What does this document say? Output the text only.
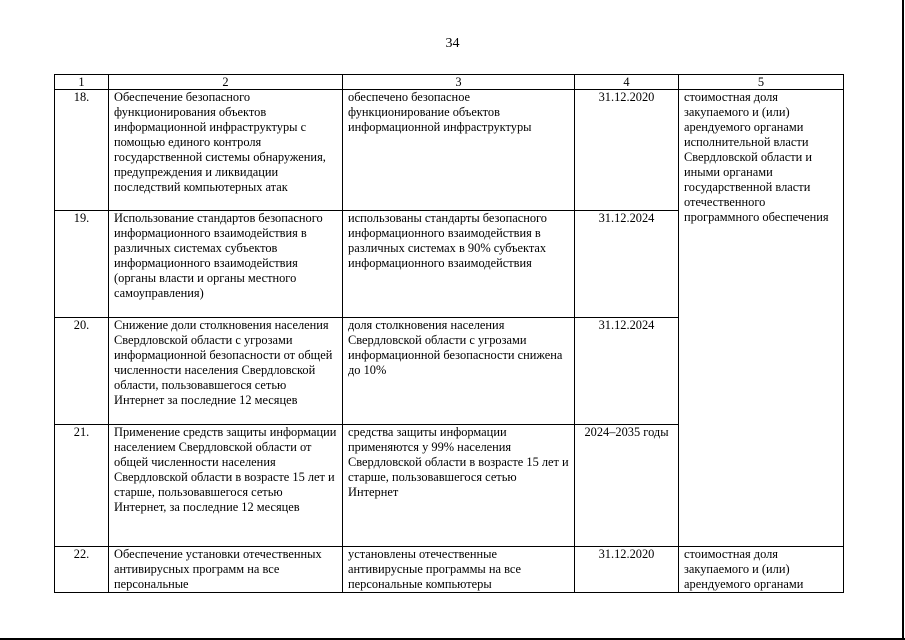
34
1	2	3	4	5
18.	Обеспечение безопасного функционирования объектов информационной инфраструктуры с помощью единого контроля государственной системы обнаружения, предупреждения и ликвидации последствий компьютерных атак	обеспечено безопасное функционирование объектов информационной инфраструктуры	31.12.2020	стоимостная доля закупаемого и (или) арендуемого органами исполнительной власти Свердловской области и иными органами государственной власти отечественного программного обеспечения
19.	Использование стандартов безопасного информационного взаимодействия в различных системах субъектов информационного взаимодействия (органы власти и органы местного самоуправления)	использованы стандарты безопасного информационного взаимодействия в различных системах в 90% субъектах информационного взаимодействия	31.12.2024	
20.	Снижение доли столкновения населения Свердловской области с угрозами информационной безопасности от общей численности населения Свердловской области, пользовавшегося сетью Интернет за последние 12 месяцев	доля столкновения населения Свердловской области с угрозами информационной безопасности снижена до 10%	31.12.2024	
21.	Применение средств защиты информации населением Свердловской области от общей численности населения Свердловской области в возрасте 15 лет и старше, пользовавшегося сетью Интернет, за последние 12 месяцев	средства защиты информации применяются у 99% населения Свердловской области в возрасте 15 лет и старше, пользовавшегося сетью Интернет	2024–2035 годы	
22.	Обеспечение установки отечественных антивирусных программ на все персональные	установлены отечественные антивирусные программы на все персональные компьютеры	31.12.2020	стоимостная доля закупаемого и (или) арендуемого органами
